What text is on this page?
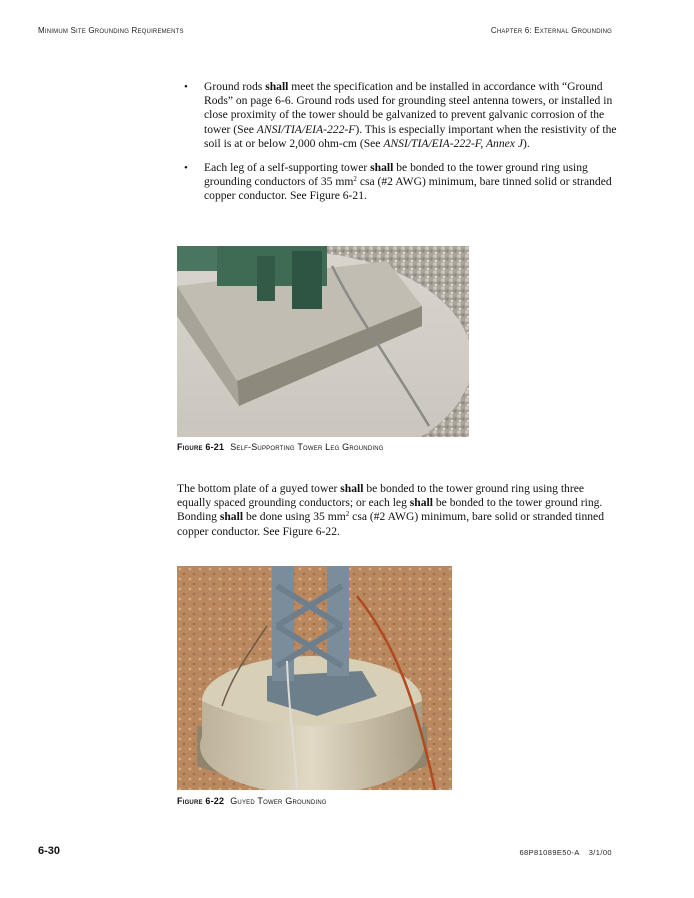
Minimum Site Grounding Requirements	Chapter 6: External Grounding
• Ground rods shall meet the specification and be installed in accordance with “Ground Rods” on page 6-6. Ground rods used for grounding steel antenna towers, or installed in close proximity of the tower should be galvanized to prevent galvanic corrosion of the tower (See ANSI/TIA/EIA-222-F). This is especially important when the resistivity of the soil is at or below 2,000 ohm-cm (See ANSI/TIA/EIA-222-F, Annex J).
• Each leg of a self-supporting tower shall be bonded to the tower ground ring using grounding conductors of 35 $mm^2$ csa (#2 AWG) minimum, bare tinned solid or stranded copper conductor. See Figure 6-21.
Figure 6-21 Self-Supporting Tower Leg Grounding
The bottom plate of a guyed tower shall be bonded to the tower ground ring using three equally spaced grounding conductors; or each leg shall be bonded to the tower ground ring. Bonding shall be done using 35 $mm^2$ csa (#2 AWG) minimum, bare solid or stranded tinned copper conductor. See Figure 6-22.
Figure 6-22 Guyed Tower Grounding
6-30	68P81089E50-A 3/1/00
